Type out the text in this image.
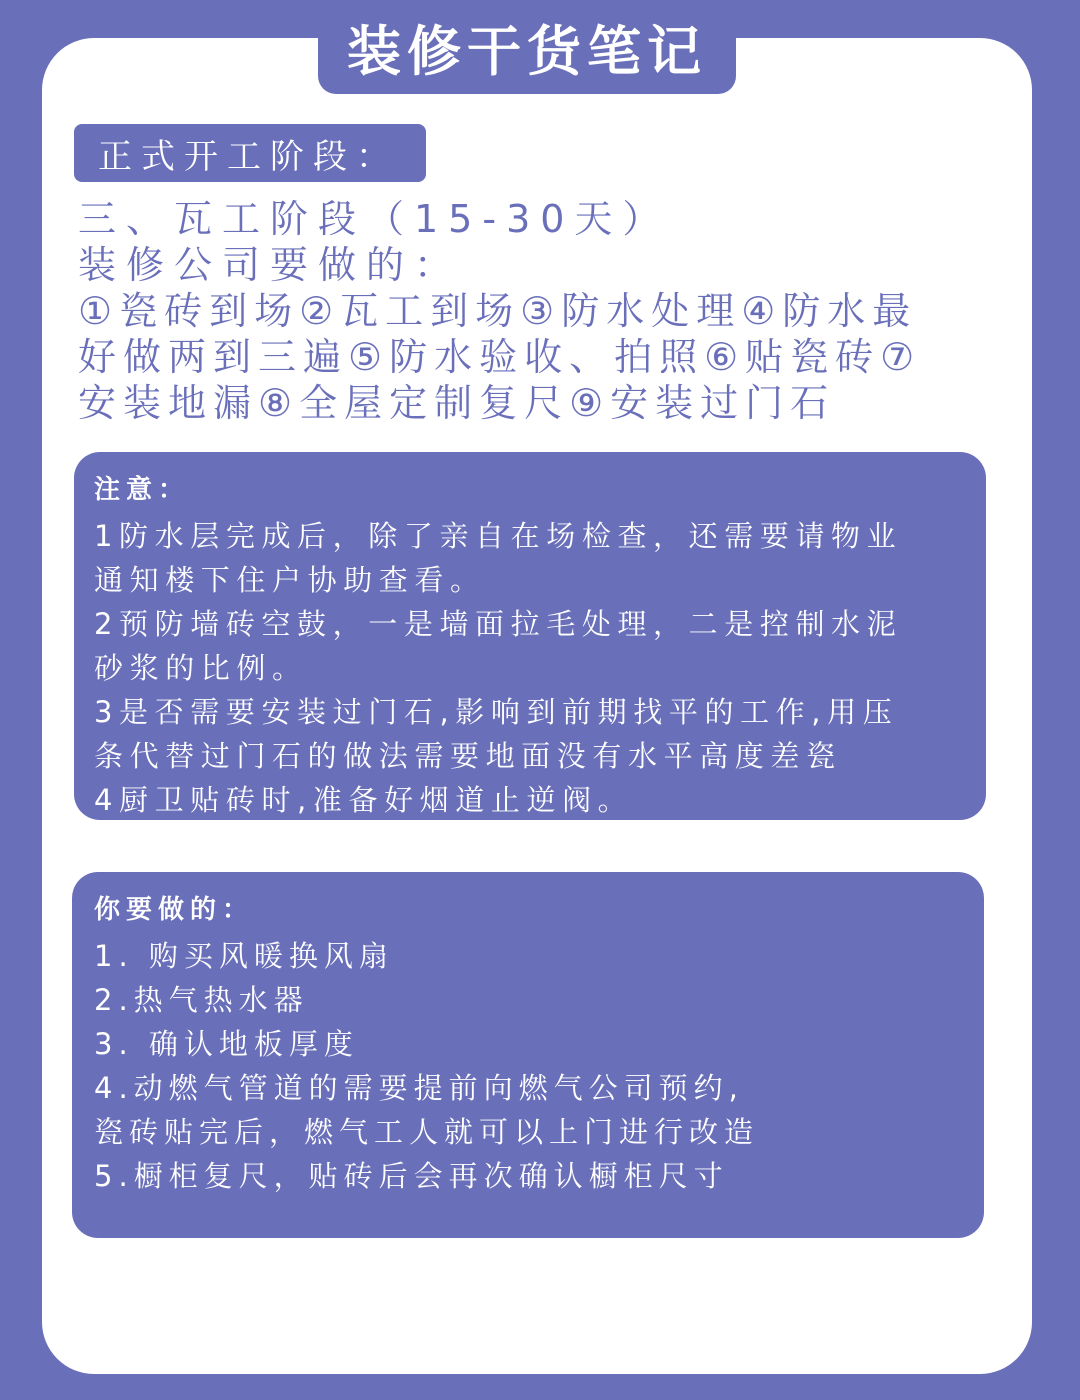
装修干货笔记
正式开工阶段：
三、瓦工阶段（15-30天）
装修公司要做的：
①瓷砖到场②瓦工到场③防水处理④防水最
好做两到三遍⑤防水验收、拍照⑥贴瓷砖⑦
安装地漏⑧全屋定制复尺⑨安装过门石
注意：
1防水层完成后，除了亲自在场检查，还需要请物业
通知楼下住户协助查看。
2预防墙砖空鼓，一是墙面拉毛处理，二是控制水泥
砂浆的比例。
3是否需要安装过门石,影响到前期找平的工作,用压
条代替过门石的做法需要地面没有水平高度差瓷
4厨卫贴砖时,准备好烟道止逆阀。
你要做的：
1. 购买风暖换风扇
2.热气热水器
3. 确认地板厚度
4.动燃气管道的需要提前向燃气公司预约,
瓷砖贴完后，燃气工人就可以上门进行改造
5.橱柜复尺，贴砖后会再次确认橱柜尺寸
